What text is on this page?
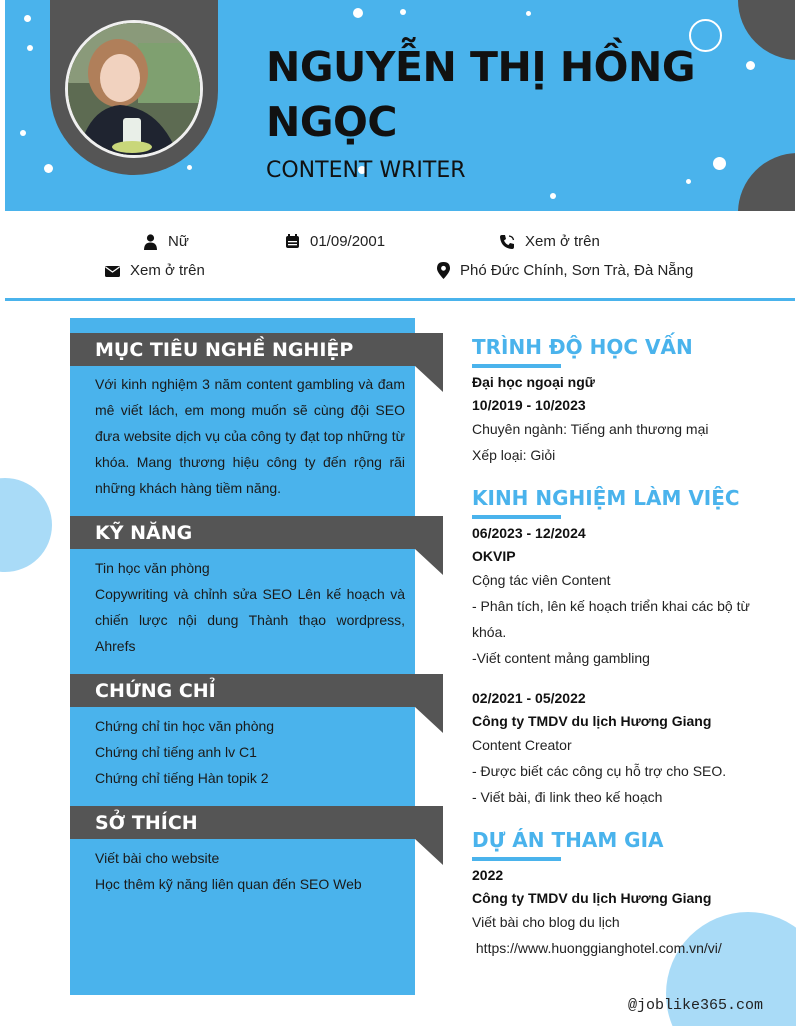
NGUYỄN THỊ HỒNG NGỌC
CONTENT WRITER
Nữ	01/09/2001	Xem ở trên
Xem ở trên	Phó Đức Chính, Sơn Trà, Đà Nẵng
MỤC TIÊU NGHỀ NGHIỆP
Với kinh nghiệm 3 năm content gambling và đam mê viết lách, em mong muốn sẽ cùng đội SEO đưa website dịch vụ của công ty đạt top những từ khóa. Mang thương hiệu công ty đến rộng rãi những khách hàng tiềm năng.
KỸ NĂNG
Tin học văn phòng
Copywriting và chỉnh sửa SEO Lên kế hoạch và chiến lược nội dung Thành thạo wordpress, Ahrefs
CHỨNG CHỈ
Chứng chỉ tin học văn phòng
Chứng chỉ tiếng anh lv C1
Chứng chỉ tiếng Hàn topik 2
SỞ THÍCH
Viết bài cho website
Học thêm kỹ năng liên quan đến SEO Web
TRÌNH ĐỘ HỌC VẤN
Đại học ngoại ngữ
10/2019 - 10/2023
Chuyên ngành: Tiếng anh thương mại
Xếp loại: Giỏi
KINH NGHIỆM LÀM VIỆC
06/2023 - 12/2024
OKVIP
Cộng tác viên Content
- Phân tích, lên kế hoạch triển khai các bộ từ khóa.
-Viết content mảng gambling
02/2021 - 05/2022
Công ty TMDV du lịch Hương Giang
Content Creator
- Được biết các công cụ hỗ trợ cho SEO.
- Viết bài, đi link theo kế hoạch
DỰ ÁN THAM GIA
2022
Công ty TMDV du lịch Hương Giang
Viết bài cho blog du lịch
https://www.huonggianghotel.com.vn/vi/
@joblike365.com
